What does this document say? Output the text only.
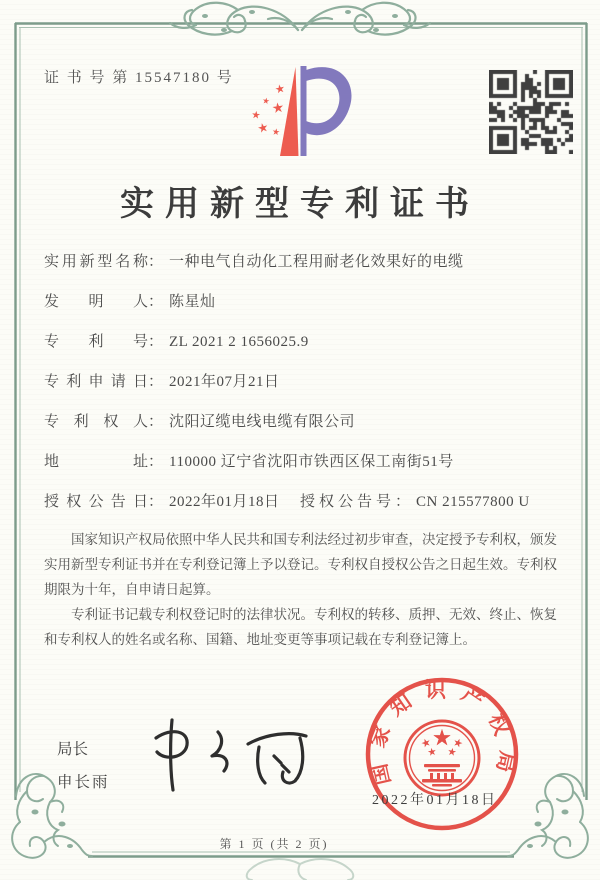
证 书 号 第 15547180 号
实用新型专利证书
实用新型名称： 一种电气自动化工程用耐老化效果好的电缆
发明人： 陈星灿
专利号： ZL 2021 2 1656025.9
专利申请日： 2021年07月21日
专利权人： 沈阳辽缆电线电缆有限公司
地址： 110000 辽宁省沈阳市铁西区保工南街51号
授权公告日： 2022年01月18日 授权公告号： CN 215577800 U

国家知识产权局依照中华人民共和国专利法经过初步审查，决定授予专利权，颁发实用新型专利证书并在专利登记簿上予以登记。专利权自授权公告之日起生效。专利权期限为十年，自申请日起算。

专利证书记载专利权登记时的法律状况。专利权的转移、质押、无效、终止、恢复和专利权人的姓名或名称、国籍、地址变更等事项记载在专利登记簿上。

局长
申长雨	国家知识产权局
2022年01月18日
第 1 页 (共 2 页)
